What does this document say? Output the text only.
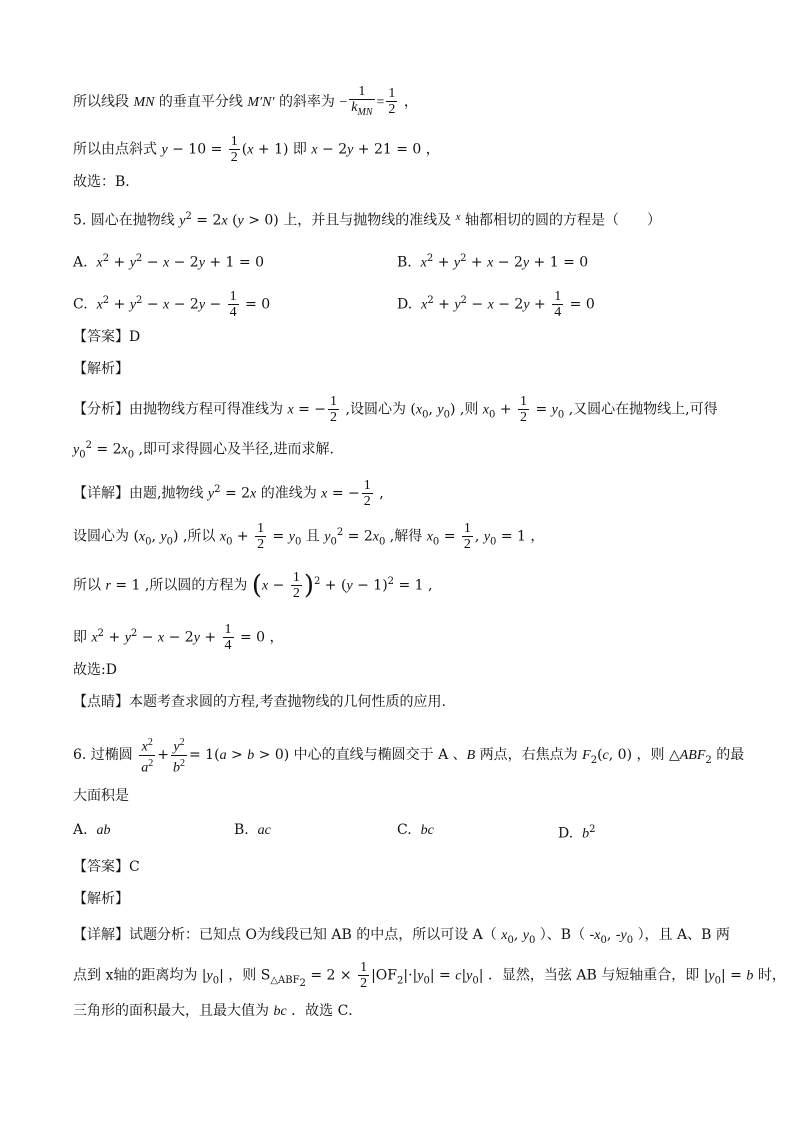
所以线段 MN 的垂直平分线 M′N′ 的斜率为 − $\frac{1}{k_{MN}} = \frac{1}{2}$ ，
所以由点斜式 $y - 10 = \frac{1}{2} (x + 1)$ 即 x − 2y + 21 = 0 ，
故选：B.
5. 圆心在抛物线 $y^2 = 2x$ (y > 0) 上，并且与抛物线的准线及 $^x$ 轴都相切的圆的方程是（　　）
A. $x^2 + y^2 - x - 2y + 1 = 0$	B. $x^2 + y^2 + x - 2y + 1 = 0$
C. $x^2 + y^2 - x - 2y - \frac{1}{4} = 0$	D. $x^2 + y^2 - x - 2y + \frac{1}{4} = 0$
【答案】D
【解析】
【分析】由抛物线方程可得准线为 x = − $\frac{1}{2}$ ,设圆心为 ($x_0$, $y_0$) ,则 $x_0 + \frac{1}{2} = y_0$ ,又圆心在抛物线上,可得
$y_0^2 = 2x_0$ ,即可求得圆心及半径,进而求解.
【详解】由题,抛物线 $y^2 = 2x$ 的准线为 x = − $\frac{1}{2}$ ,
设圆心为 ($x_0$, $y_0$) ,所以 $x_0 + \frac{1}{2} = y_0$ 且 $y_0^2 = 2x_0$ ,解得 $x_0 = \frac{1}{2}$ , $y_0 = 1$ ，
所以 r = 1 ,所以圆的方程为 $(x - \frac{1}{2} )^2 + (y - 1)^2 = 1$ ,
即 $x^2 + y^2 - x - 2y + \frac{1}{4} = 0$ ，
故选:D
【点睛】本题考查求圆的方程,考查抛物线的几何性质的应用.
6. 过椭圆 $\frac{x^2}{a^2} + \frac{y^2}{b^2} = 1(a > b > 0)$ 中心的直线与椭圆交于 A 、B 两点，右焦点为 $F_2(c$, 0) ，则 $\triangle ABF_2$ 的最
大面积是
A. ab	B. ac	C. bc	D. $b^2$
【答案】C
【解析】
【详解】试题分析：已知点 O为线段已知 AB 的中点，所以可设 A（ $x_0$, $y_0$ ）、B（ $-x_0$, $-y_0$ ），且 A、B 两
点到 x轴的距离均为 $|y_0|$ ，则 $S_{\triangle ABF_2} = 2 \times \frac{1}{2} |OF_2|\cdot|y_0| = c|y_0|$ ．显然，当弦 AB 与短轴重合，即 $|y_0| = b$ 时，
三角形的面积最大，且最大值为 bc ．故选 C．
